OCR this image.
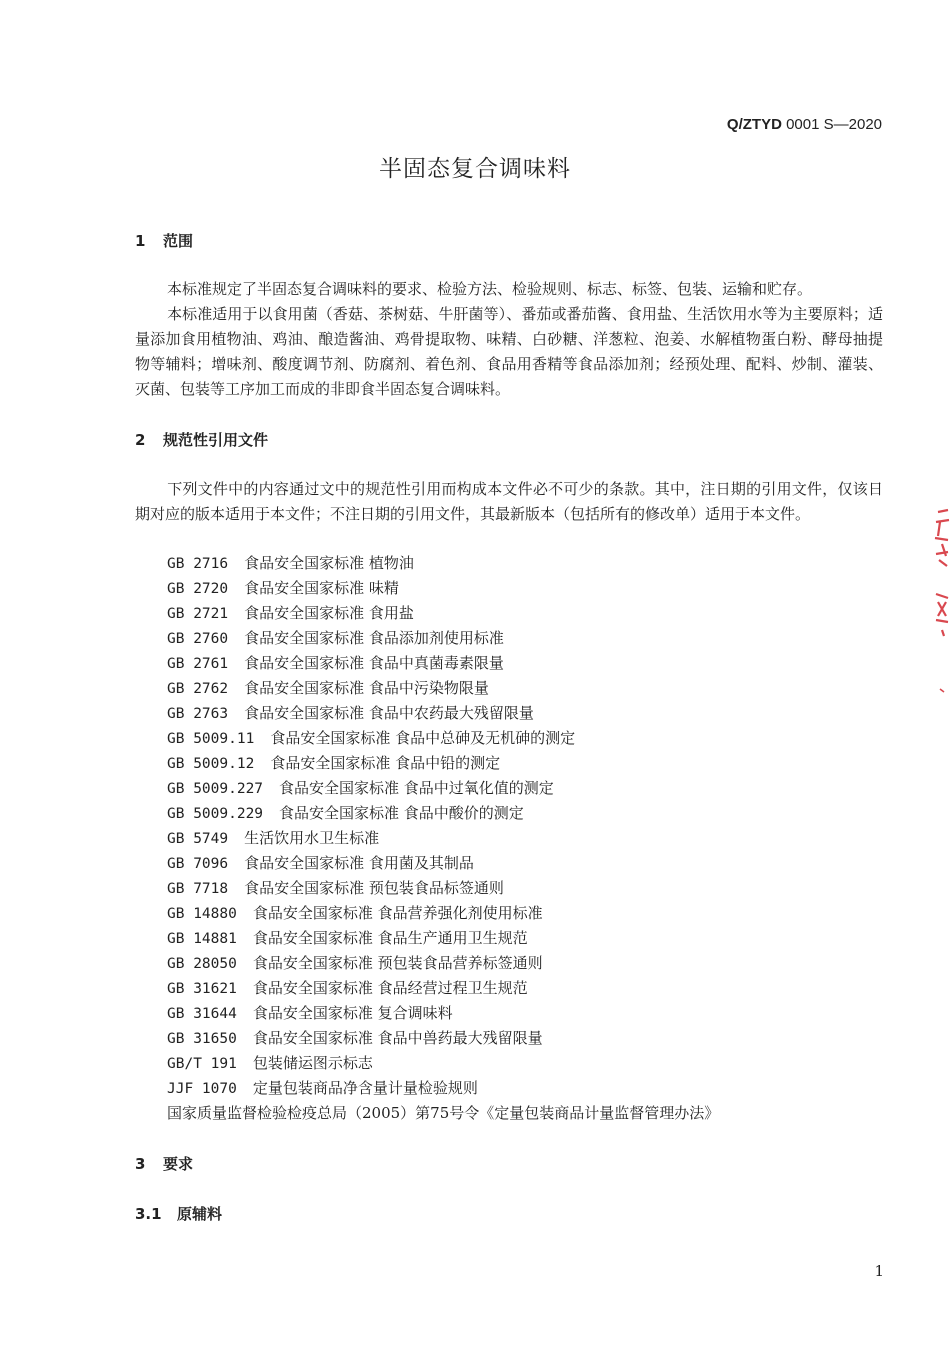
Q/ZTYD 0001 S—2020
半固态复合调味料
1 范围
本标准规定了半固态复合调味料的要求、检验方法、检验规则、标志、标签、包装、运输和贮存。
本标准适用于以食用菌（香菇、茶树菇、牛肝菌等）、番茄或番茄酱、食用盐、生活饮用水等为主要原料；适量添加食用植物油、鸡油、酿造酱油、鸡骨提取物、味精、白砂糖、洋葱粒、泡姜、水解植物蛋白粉、酵母抽提物等辅料；增味剂、酸度调节剂、防腐剂、着色剂、食品用香精等食品添加剂；经预处理、配料、炒制、灌装、灭菌、包装等工序加工而成的非即食半固态复合调味料。
2 规范性引用文件
下列文件中的内容通过文中的规范性引用而构成本文件必不可少的条款。其中，注日期的引用文件，仅该日期对应的版本适用于本文件；不注日期的引用文件，其最新版本（包括所有的修改单）适用于本文件。
GB 2716 食品安全国家标准 植物油
GB 2720 食品安全国家标准 味精
GB 2721 食品安全国家标准 食用盐
GB 2760 食品安全国家标准 食品添加剂使用标准
GB 2761 食品安全国家标准 食品中真菌毒素限量
GB 2762 食品安全国家标准 食品中污染物限量
GB 2763 食品安全国家标准 食品中农药最大残留限量
GB 5009.11 食品安全国家标准 食品中总砷及无机砷的测定
GB 5009.12 食品安全国家标准 食品中铅的测定
GB 5009.227 食品安全国家标准 食品中过氧化值的测定
GB 5009.229 食品安全国家标准 食品中酸价的测定
GB 5749 生活饮用水卫生标准
GB 7096 食品安全国家标准 食用菌及其制品
GB 7718 食品安全国家标准 预包装食品标签通则
GB 14880 食品安全国家标准 食品营养强化剂使用标准
GB 14881 食品安全国家标准 食品生产通用卫生规范
GB 28050 食品安全国家标准 预包装食品营养标签通则
GB 31621 食品安全国家标准 食品经营过程卫生规范
GB 31644 食品安全国家标准 复合调味料
GB 31650 食品安全国家标准 食品中兽药最大残留限量
GB/T 191 包装储运图示标志
JJF 1070 定量包装商品净含量计量检验规则
国家质量监督检验检疫总局（2005）第75号令《定量包装商品计量监督管理办法》
3 要求
3.1 原辅料
1
